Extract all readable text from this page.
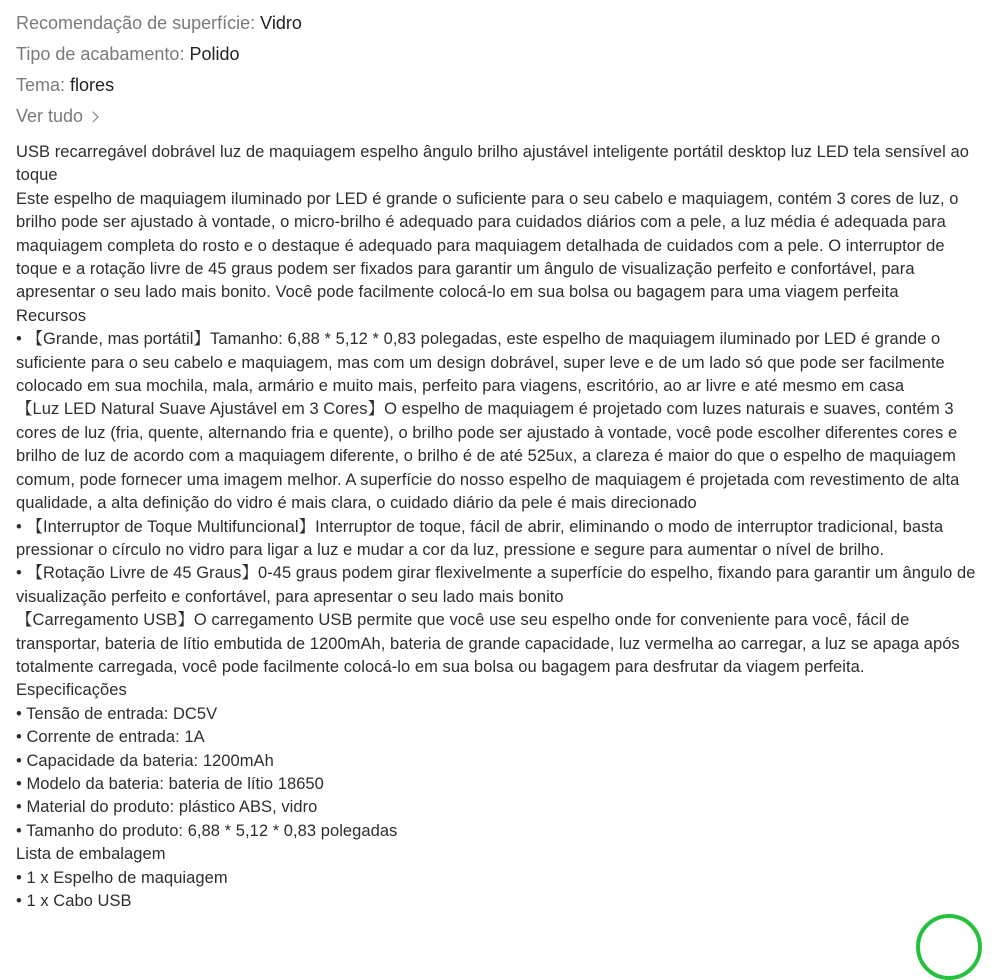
Recomendação de superfície: Vidro
Tipo de acabamento: Polido
Tema: flores
Ver tudo

USB recarregável dobrável luz de maquiagem espelho ângulo brilho ajustável inteligente portátil desktop luz LED tela sensível ao toque

Este espelho de maquiagem iluminado por LED é grande o suficiente para o seu cabelo e maquiagem, contém 3 cores de luz, o brilho pode ser ajustado à vontade, o micro-brilho é adequado para cuidados diários com a pele, a luz média é adequada para maquiagem completa do rosto e o destaque é adequado para maquiagem detalhada de cuidados com a pele. O interruptor de toque e a rotação livre de 45 graus podem ser fixados para garantir um ângulo de visualização perfeito e confortável, para apresentar o seu lado mais bonito. Você pode facilmente colocá-lo em sua bolsa ou bagagem para uma viagem perfeita

Recursos

• 【Grande, mas portátil】Tamanho: 6,88 * 5,12 * 0,83 polegadas, este espelho de maquiagem iluminado por LED é grande o suficiente para o seu cabelo e maquiagem, mas com um design dobrável, super leve e de um lado só que pode ser facilmente colocado em sua mochila, mala, armário e muito mais, perfeito para viagens, escritório, ao ar livre e até mesmo em casa

【Luz LED Natural Suave Ajustável em 3 Cores】O espelho de maquiagem é projetado com luzes naturais e suaves, contém 3 cores de luz (fria, quente, alternando fria e quente), o brilho pode ser ajustado à vontade, você pode escolher diferentes cores e brilho de luz de acordo com a maquiagem diferente, o brilho é de até 525ux, a clareza é maior do que o espelho de maquiagem comum, pode fornecer uma imagem melhor. A superfície do nosso espelho de maquiagem é projetada com revestimento de alta qualidade, a alta definição do vidro é mais clara, o cuidado diário da pele é mais direcionado

• 【Interruptor de Toque Multifuncional】Interruptor de toque, fácil de abrir, eliminando o modo de interruptor tradicional, basta pressionar o círculo no vidro para ligar a luz e mudar a cor da luz, pressione e segure para aumentar o nível de brilho.

• 【Rotação Livre de 45 Graus】0-45 graus podem girar flexivelmente a superfície do espelho, fixando para garantir um ângulo de visualização perfeito e confortável, para apresentar o seu lado mais bonito

【Carregamento USB】O carregamento USB permite que você use seu espelho onde for conveniente para você, fácil de transportar, bateria de lítio embutida de 1200mAh, bateria de grande capacidade, luz vermelha ao carregar, a luz se apaga após totalmente carregada, você pode facilmente colocá-lo em sua bolsa ou bagagem para desfrutar da viagem perfeita.

Especificações

• Tensão de entrada: DC5V

• Corrente de entrada: 1A

• Capacidade da bateria: 1200mAh

• Modelo da bateria: bateria de lítio 18650

• Material do produto: plástico ABS, vidro

• Tamanho do produto: 6,88 * 5,12 * 0,83 polegadas

Lista de embalagem

• 1 x Espelho de maquiagem

• 1 x Cabo USB
